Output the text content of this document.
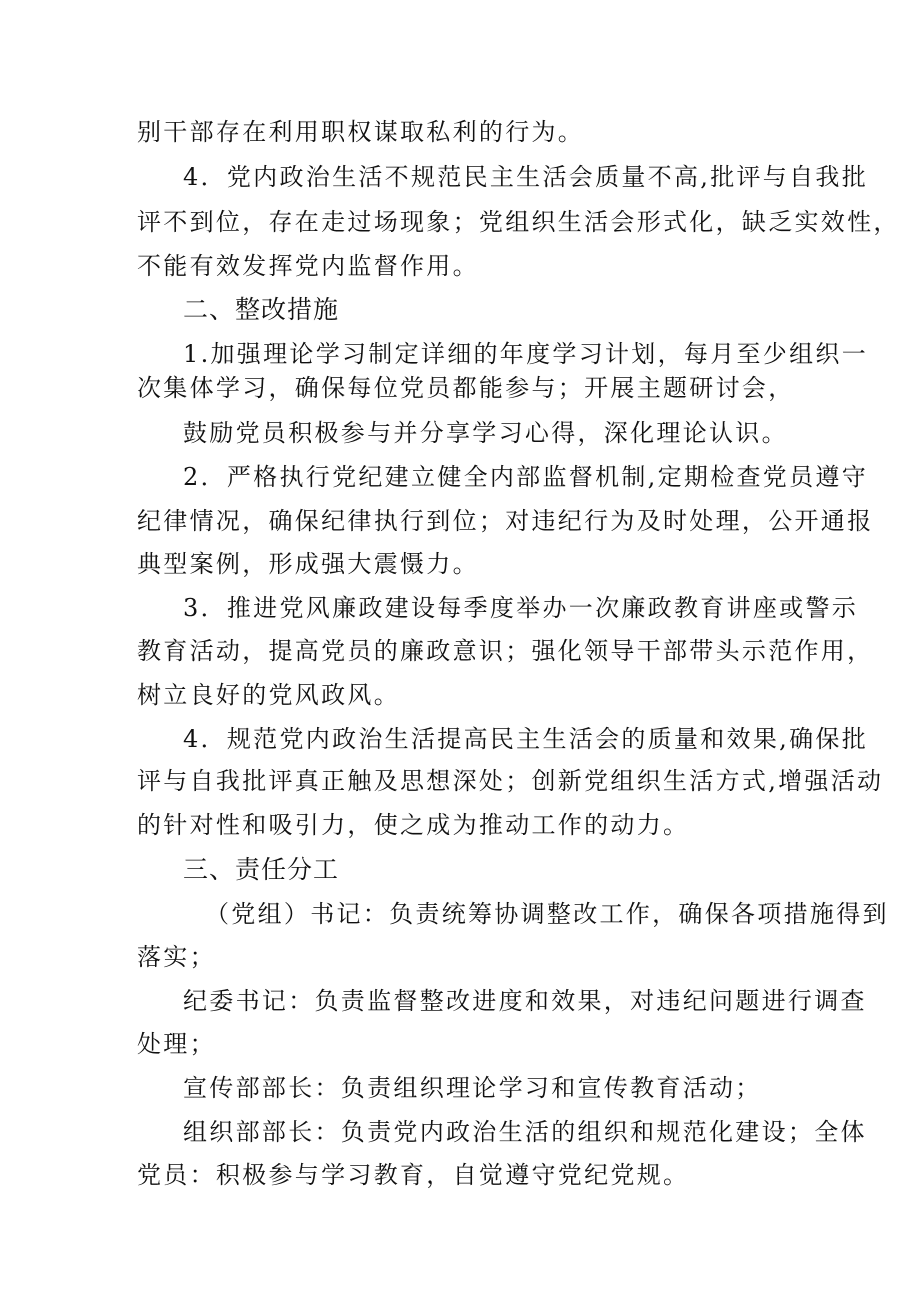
别干部存在利用职权谋取私利的行为。
4．党内政治生活不规范民主生活会质量不高,批评与自我批
评不到位，存在走过场现象；党组织生活会形式化，缺乏实效性，
不能有效发挥党内监督作用。
二、整改措施
1.加强理论学习制定详细的年度学习计划，每月至少组织一
次集体学习，确保每位党员都能参与；开展主题研讨会，
鼓励党员积极参与并分享学习心得，深化理论认识。
2．严格执行党纪建立健全内部监督机制,定期检查党员遵守
纪律情况，确保纪律执行到位；对违纪行为及时处理，公开通报
典型案例，形成强大震慑力。
3．推进党风廉政建设每季度举办一次廉政教育讲座或警示
教育活动，提高党员的廉政意识；强化领导干部带头示范作用，
树立良好的党风政风。
4．规范党内政治生活提高民主生活会的质量和效果,确保批
评与自我批评真正触及思想深处；创新党组织生活方式,增强活动
的针对性和吸引力，使之成为推动工作的动力。
三、责任分工
（党组）书记：负责统筹协调整改工作，确保各项措施得到
落实；
纪委书记：负责监督整改进度和效果，对违纪问题进行调查
处理；
宣传部部长：负责组织理论学习和宣传教育活动；
组织部部长：负责党内政治生活的组织和规范化建设；全体
党员：积极参与学习教育，自觉遵守党纪党规。
